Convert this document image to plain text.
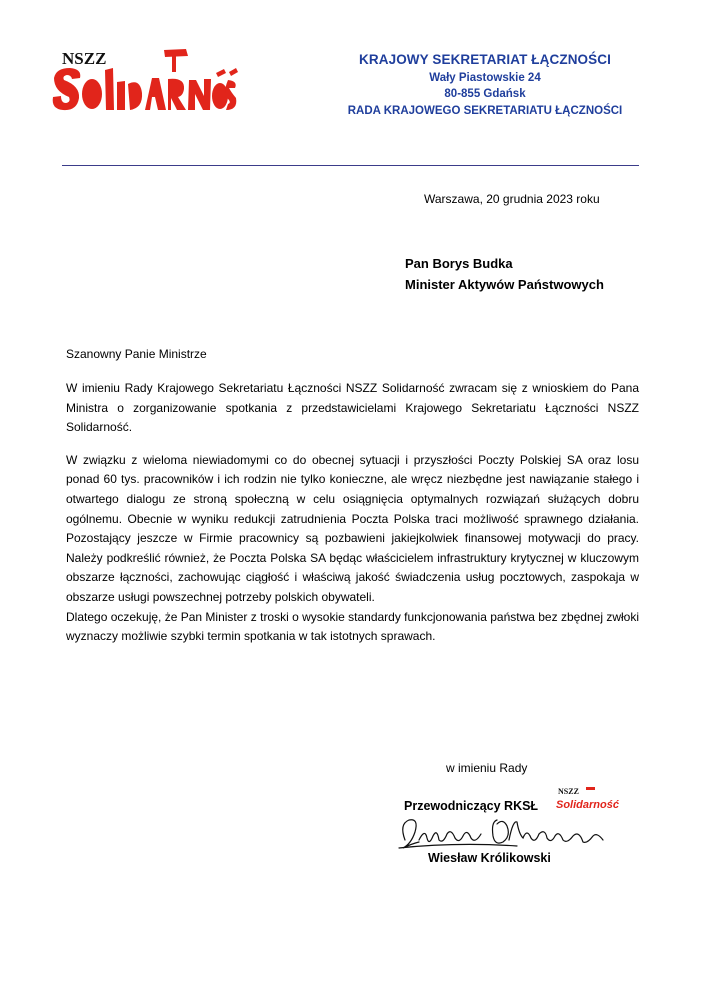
NSZZ	KRAJOWY SEKRETARIAT ŁĄCZNOŚCI
Wały Piastowskie 24
80-855 Gdańsk
RADA KRAJOWEGO SEKRETARIATU ŁĄCZNOŚCI
Warszawa, 20 grudnia 2023 roku
Pan Borys Budka
Minister Aktywów Państwowych
Szanowny Panie Ministrze

W imieniu Rady Krajowego Sekretariatu Łączności NSZZ Solidarność zwracam się z wnioskiem do Pana Ministra o zorganizowanie spotkania z przedstawicielami Krajowego Sekretariatu Łączności NSZZ Solidarność.

W związku z wieloma niewiadomymi co do obecnej sytuacji i przyszłości Poczty Polskiej SA oraz losu ponad 60 tys. pracowników i ich rodzin nie tylko konieczne, ale wręcz niezbędne jest nawiązanie stałego i otwartego dialogu ze stroną społeczną w celu osiągnięcia optymalnych rozwiązań służących dobru ogólnemu. Obecnie w wyniku redukcji zatrudnienia Poczta Polska traci możliwość sprawnego działania. Pozostający jeszcze w Firmie pracownicy są pozbawieni jakiejkolwiek finansowej motywacji do pracy. Należy podkreślić również, że Poczta Polska SA będąc właścicielem infrastruktury krytycznej w kluczowym obszarze łączności, zachowując ciągłość i właściwą jakość świadczenia usług pocztowych, zaspokaja w obszarze usługi powszechnej potrzeby polskich obywateli.

Dlatego oczekuję, że Pan Minister z troski o wysokie standardy funkcjonowania państwa bez zbędnej zwłoki wyznaczy możliwie szybki termin spotkania w tak istotnych sprawach.

w imieniu Rady
Przewodniczący RKSŁ
NSZZ
Solidarność
Wiesław Królikowski
